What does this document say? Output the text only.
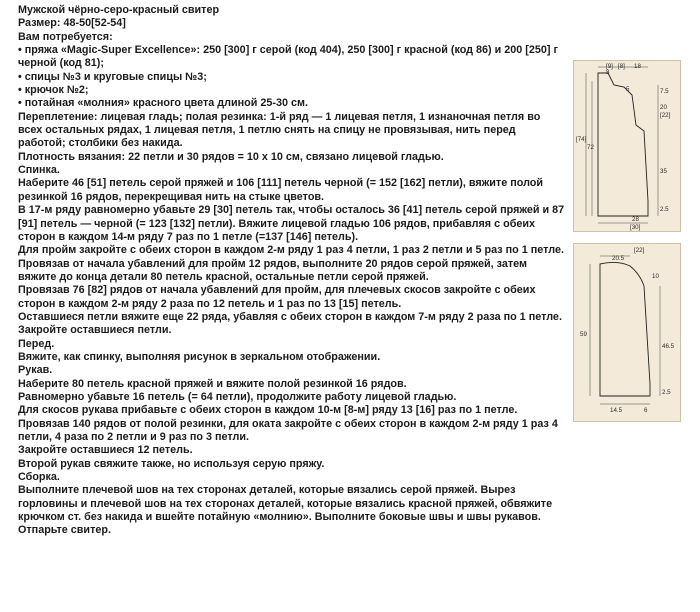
Мужской чёрно-серо-красный свитер
Размер: 48-50[52-54]
Вам потребуется:
• пряжа «Magic-Super Excellence»: 250 [300] г серой (код 404), 250 [300] г красной (код 86) и 200 [250] г черной (код 81);
• спицы №3 и круговые спицы №3;
• крючок №2;
• потайная «молния» красного цвета длиной 25-30 см.
Переплетение: лицевая гладь; полая резинка: 1-й ряд — 1 лицевая петля, 1 изнаночная петля во всех остальных рядах, 1 лицевая петля, 1 петлю снять на спицу не провязывая, нить перед работой; столбики без накида.
Плотность вязания: 22 петли и 30 рядов = 10 х 10 см, связано лицевой гладью.
Спинка.
Наберите 46 [51] петель серой пряжей и 106 [111] петель черной (= 152 [162] петли), вяжите полой резинкой 16 рядов, перекрещивая нить на стыке цветов.
В 17-м ряду равномерно убавьте 29 [30] петель так, чтобы осталось 36 [41] петель серой пряжей и 87 [91] петель — черной (= 123 [132] петли). Вяжите лицевой гладью 106 рядов, прибавляя с обеих сторон в каждом 14-м ряду 7 раз по 1 петле (=137 [146] петель).
Для пройм закройте с обеих сторон в каждом 2-м ряду 1 раз 4 петли, 1 раз 2 петли и 5 раз по 1 петле.
Провязав от начала убавлений для пройм 12 рядов, выполните 20 рядов серой пряжей, затем вяжите до конца детали 80 петель красной, остальные петли серой пряжей.
Провязав 76 [82] рядов от начала убавлений для пройм, для плечевых скосов закройте с обеих сторон в каждом 2-м ряду 2 раза по 12 петель и 1 раз по 13 [15] петель.
Оставшиеся петли вяжите еще 22 ряда, убавляя с обеих сторон в каждом 7-м ряду 2 раза по 1 петле. Закройте оставшиеся петли.
Перед.
Вяжите, как спинку, выполняя рисунок в зеркальном отображении.
Рукав.
Наберите 80 петель красной пряжей и вяжите полой резинкой 16 рядов.
Равномерно убавьте 16 петель (= 64 петли), продолжите работу лицевой гладью.
Для скосов рукава прибавьте с обеих сторон в каждом 10-м [8-м] ряду 13 [16] раз по 1 петле.
Провязав 140 рядов от полой резинки, для оката закройте с обеих сторон в каждом 2-м ряду 1 раз 4 петли, 4 раза по 2 петли и 9 раз по 3 петли.
Закройте оставшиеся 12 петель.
Второй рукав свяжите также, но используя серую пряжу.
Сборка.
Выполните плечевой шов на тех сторонах деталей, которые вязались серой пряжей. Вырез горловины и плечевой шов на тех сторонах деталей, которые вязались красной пряжей, обвяжите крючком ст. без накида и вшейте потайную «молнию». Выполните боковые швы и швы рукавов. Отпарьте свитер.
[9]
8
[8] 18
5
[74]
72
7.5
20
[22]
35
2.5
28
[30]
[22]
20.5
10
59
46.5
2.5
14.5	6
